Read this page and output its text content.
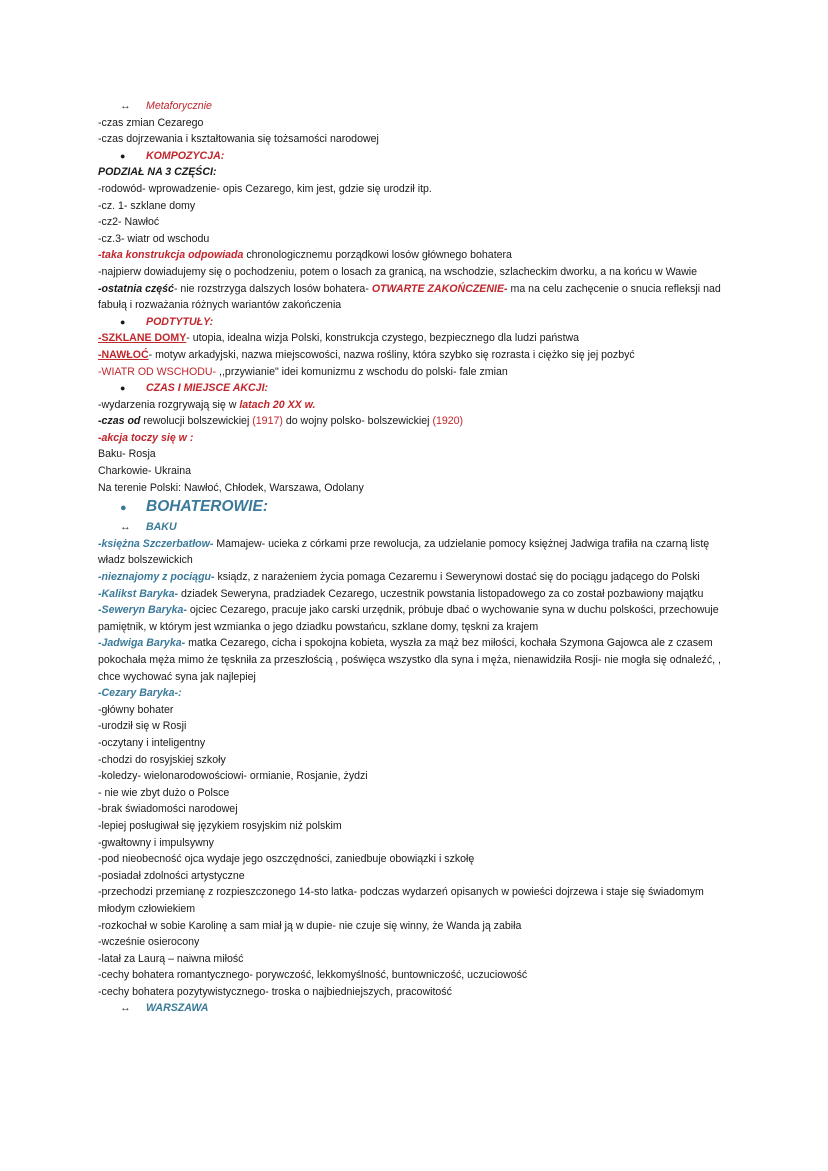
↔ Metaforycznie
-czas zmian Cezarego
-czas dojrzewania i kształtowania się tożsamości narodowej
● KOMPOZYCJA:
PODZIAŁ NA 3 CZĘŚCI:
-rodowód- wprowadzenie- opis Cezarego, kim jest, gdzie się urodził itp.
-cz. 1- szklane domy
-cz2- Nawłoć
-cz.3- wiatr od wschodu
-taka konstrukcja odpowiada chronologicznemu porządkowi losów głównego bohatera
-najpierw dowiadujemy się o pochodzeniu, potem o losach za granicą, na wschodzie, szlacheckim dworku, a na końcu w Wawie
-ostatnia część- nie rozstrzyga dalszych losów bohatera- OTWARTE ZAKOŃCZENIE- ma na celu zachęcenie o snucia refleksji nad fabułą i rozważania różnych wariantów zakończenia
● PODTYTUŁY:
-SZKLANE DOMY- utopia, idealna wizja Polski, konstrukcja czystego, bezpiecznego dla ludzi państwa
-NAWŁOĆ- motyw arkadyjski, nazwa miejscowości, nazwa rośliny, która szybko się rozrasta i ciężko się jej pozbyć
-WIATR OD WSCHODU- ,,przywianie" idei komunizmu z wschodu do polski- fale zmian
● CZAS I MIEJSCE AKCJI:
-wydarzenia rozgrywają się w latach 20 XX w.
-czas od rewolucji bolszewickiej (1917) do wojny polsko- bolszewickiej (1920)
-akcja toczy się w :
Baku- Rosja
Charkowie- Ukraina
Na terenie Polski: Nawłoć, Chłodek, Warszawa, Odolany
● BOHATEROWIE:
↔ BAKU
-księżna Szczerbatłow- Mamajew- ucieka z córkami prze rewolucja, za udzielanie pomocy księżnej Jadwiga trafiła na czarną listę władz bolszewickich
-nieznajomy z pociągu- ksiądz, z narażeniem życia pomaga Cezaremu i Sewerynowi dostać się do pociągu jadącego do Polski
-Kalikst Baryka- dziadek Seweryna, pradziadek Cezarego, uczestnik powstania listopadowego za co został pozbawiony majątku
-Seweryn Baryka- ojciec Cezarego, pracuje jako carski urzędnik, próbuje dbać o wychowanie syna w duchu polskości, przechowuje pamiętnik, w którym jest wzmianka o jego dziadku powstańcu, szklane domy, tęskni za krajem
-Jadwiga Baryka- matka Cezarego, cicha i spokojna kobieta, wyszła za mąż bez miłości, kochała Szymona Gajowca ale z czasem pokochała męża mimo że tęskniła za przeszłością , poświęca wszystko dla syna i męża, nienawidziła Rosji- nie mogła się odnaleźć, , chce wychować syna jak najlepiej
-Cezary Baryka-:
-główny bohater
-urodził się w Rosji
-oczytany i inteligentny
-chodzi do rosyjskiej szkoły
-koledzy- wielonarodowościowi- ormianie, Rosjanie, żydzi
- nie wie zbyt dużo o Polsce
-brak świadomości narodowej
-lepiej posługiwał się językiem rosyjskim niż polskim
-gwałtowny i impulsywny
-pod nieobecność ojca wydaje jego oszczędności, zaniedbuje obowiązki i szkołę
-posiadał zdolności artystyczne
-przechodzi przemianę z rozpieszczonego 14-sto latka- podczas wydarzeń opisanych w powieści dojrzewa i staje się świadomym młodym człowiekiem
-rozkochał w sobie Karolinę a sam miał ją w dupie- nie czuje się winny, że Wanda ją zabiła
-wcześnie osierocony
-latał za Laurą – naiwna miłość
-cechy bohatera romantycznego- porywczość, lekkomyślność, buntowniczość, uczuciowość
-cechy bohatera pozytywistycznego- troska o najbiedniejszych, pracowitość
↔ WARSZAWA
